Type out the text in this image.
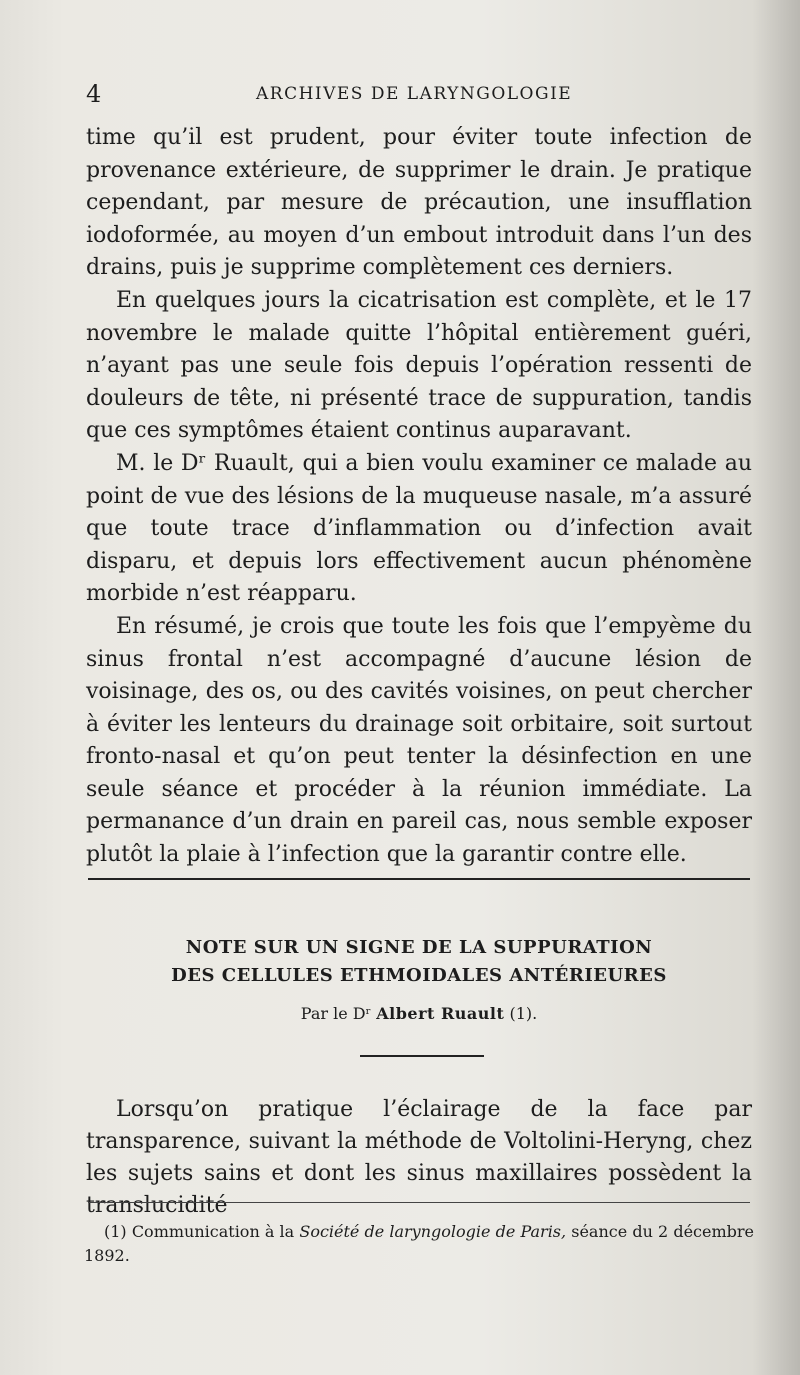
4	ARCHIVES DE LARYNGOLOGIE

time qu’il est prudent, pour éviter toute infection de provenance extérieure, de supprimer le drain. Je pratique cependant, par mesure de précaution, une insufflation iodoformée, au moyen d’un embout introduit dans l’un des drains, puis je supprime complètement ces derniers.

En quelques jours la cicatrisation est complète, et le 17 novembre le malade quitte l’hôpital entièrement guéri, n’ayant pas une seule fois depuis l’opération ressenti de douleurs de tête, ni présenté trace de suppuration, tandis que ces symptômes étaient continus auparavant.

M. le Dʳ Ruault, qui a bien voulu examiner ce malade au point de vue des lésions de la muqueuse nasale, m’a assuré que toute trace d’inflammation ou d’infection avait disparu, et depuis lors effectivement aucun phénomène morbide n’est réapparu.

En résumé, je crois que toute les fois que l’empyème du sinus frontal n’est accompagné d’aucune lésion de voisinage, des os, ou des cavités voisines, on peut chercher à éviter les lenteurs du drainage soit orbitaire, soit surtout fronto-nasal et qu’on peut tenter la désinfection en une seule séance et procéder à la réunion immédiate. La permanance d’un drain en pareil cas, nous semble exposer plutôt la plaie à l’infection que la garantir contre elle.

NOTE SUR UN SIGNE DE LA SUPPURATION
DES CELLULES ETHMOIDALES ANTÉRIEURES
Par le Dʳ Albert Ruault (1).

Lorsqu’on pratique l’éclairage de la face par transparence, suivant la méthode de Voltolini-Heryng, chez les sujets sains et dont les sinus maxillaires possèdent la translucidité

(1) Communication à la Société de laryngologie de Paris, séance du 2 décembre 1892.
